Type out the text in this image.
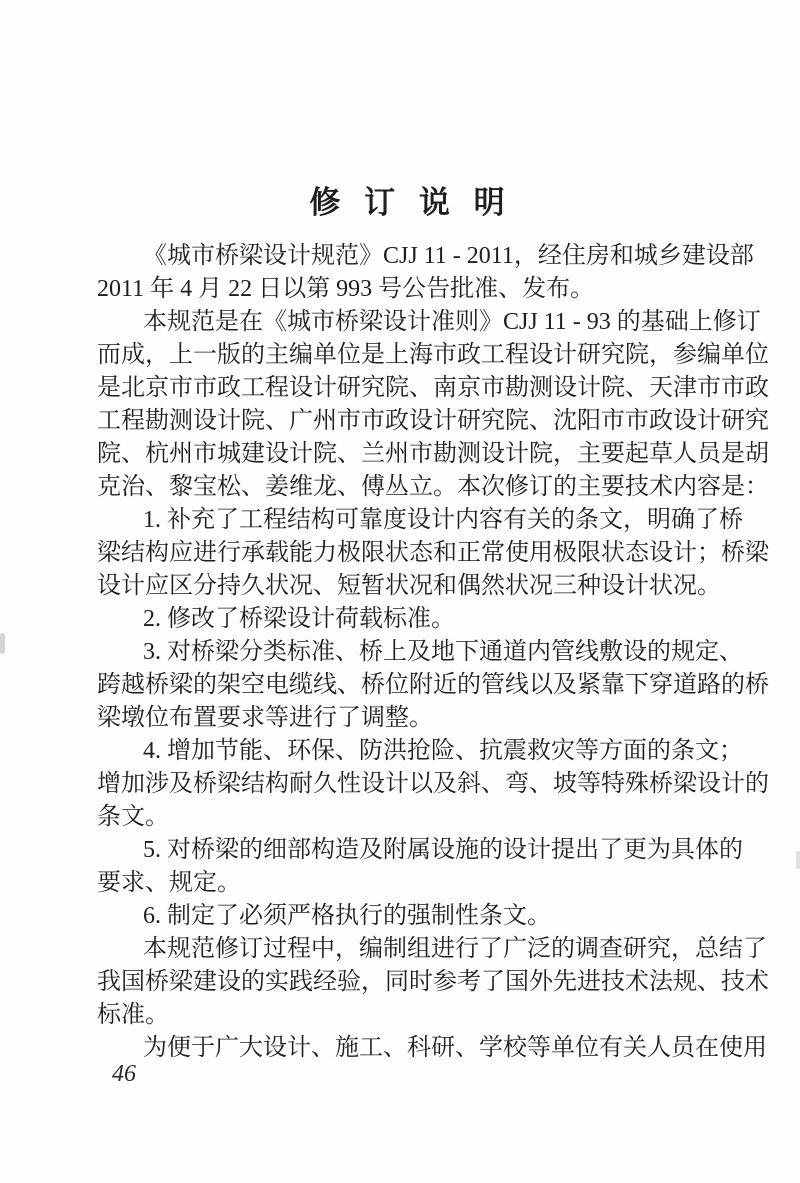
修 订 说 明
《城市桥梁设计规范》CJJ 11 - 2011，经住房和城乡建设部
2011 年 4 月 22 日以第 993 号公告批准、发布。
本规范是在《城市桥梁设计准则》CJJ 11 - 93 的基础上修订
而成，上一版的主编单位是上海市政工程设计研究院，参编单位
是北京市市政工程设计研究院、南京市勘测设计院、天津市市政
工程勘测设计院、广州市市政设计研究院、沈阳市市政设计研究
院、杭州市城建设计院、兰州市勘测设计院，主要起草人员是胡
克治、黎宝松、姜维龙、傅丛立。本次修订的主要技术内容是：
1. 补充了工程结构可靠度设计内容有关的条文，明确了桥
梁结构应进行承载能力极限状态和正常使用极限状态设计；桥梁
设计应区分持久状况、短暂状况和偶然状况三种设计状况。
2. 修改了桥梁设计荷载标准。
3. 对桥梁分类标准、桥上及地下通道内管线敷设的规定、
跨越桥梁的架空电缆线、桥位附近的管线以及紧靠下穿道路的桥
梁墩位布置要求等进行了调整。
4. 增加节能、环保、防洪抢险、抗震救灾等方面的条文；
增加涉及桥梁结构耐久性设计以及斜、弯、坡等特殊桥梁设计的
条文。
5. 对桥梁的细部构造及附属设施的设计提出了更为具体的
要求、规定。
6. 制定了必须严格执行的强制性条文。
本规范修订过程中，编制组进行了广泛的调查研究，总结了
我国桥梁建设的实践经验，同时参考了国外先进技术法规、技术
标准。
为便于广大设计、施工、科研、学校等单位有关人员在使用
46
